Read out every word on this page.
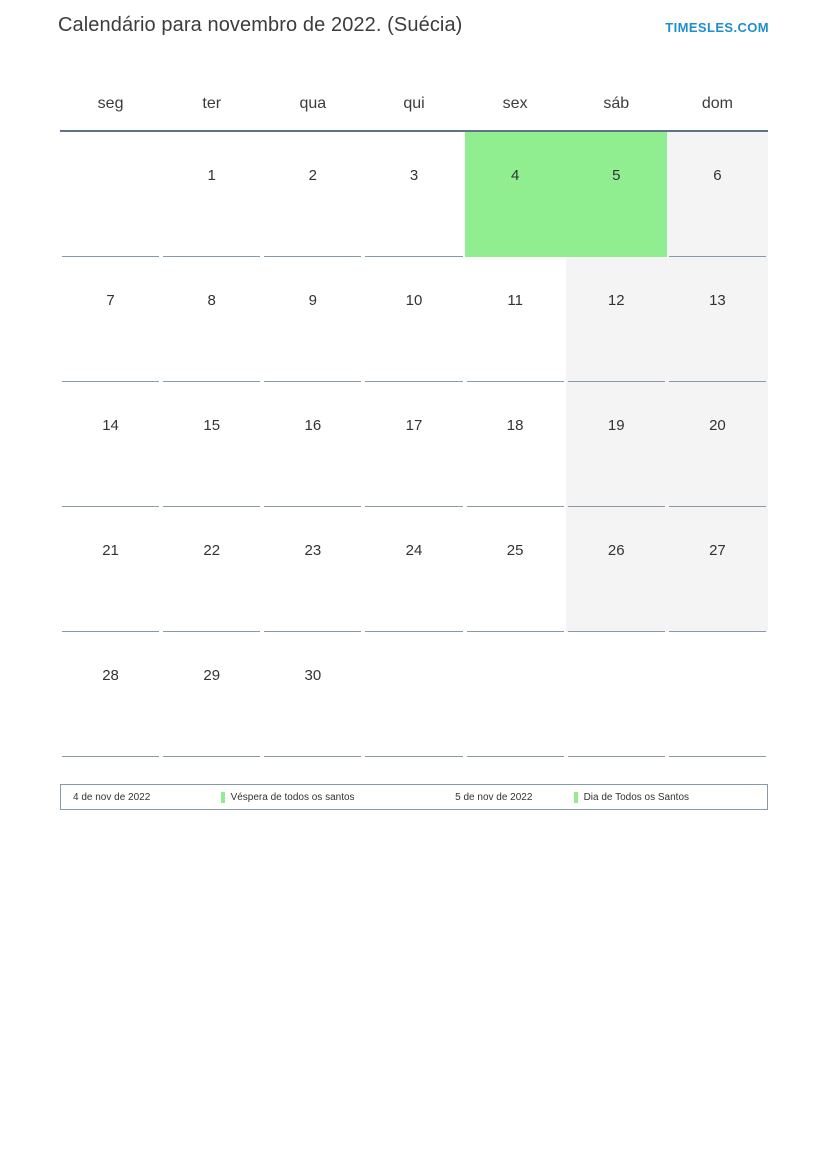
Calendário para novembro de 2022. (Suécia)	TIMESLES.COM
seg	ter	qua	qui	sex	sáb	dom

	1	2	3	4	5	6

7	8	9	10	11	12	13

14	15	16	17	18	19	20

21	22	23	24	25	26	27

28	29	30				

4 de nov de 2022	Véspera de todos os santos	5 de nov de 2022	Dia de Todos os Santos
